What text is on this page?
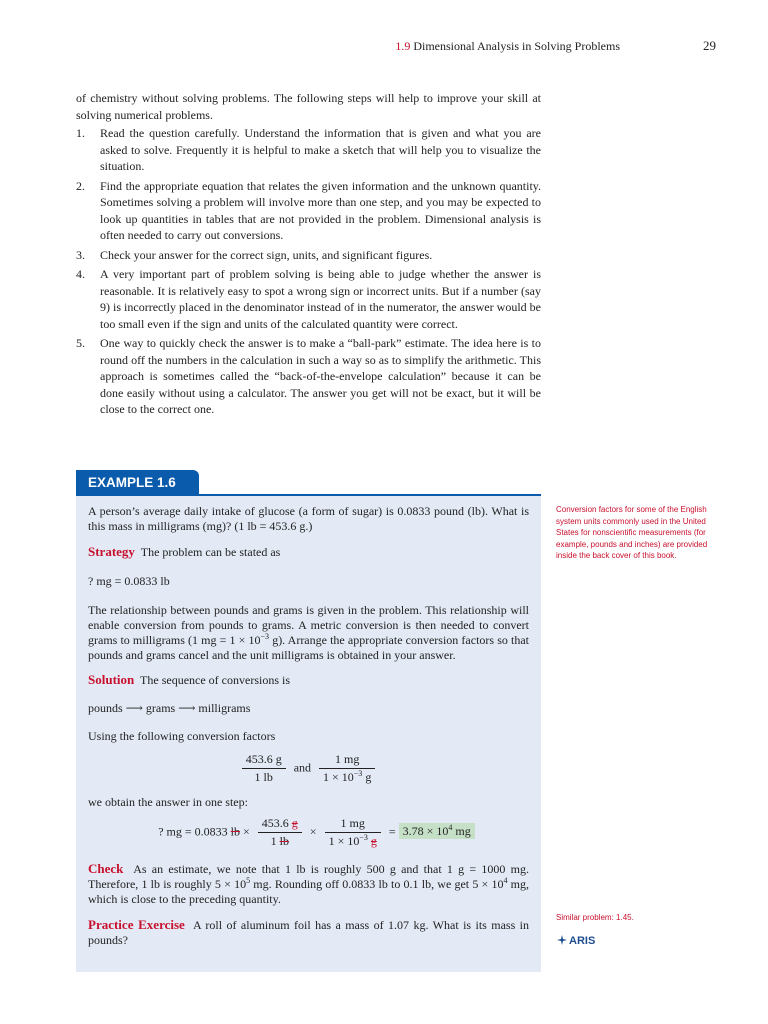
1.9 Dimensional Analysis in Solving Problems	29

of chemistry without solving problems. The following steps will help to improve your skill at solving numerical problems.

1. Read the question carefully. Understand the information that is given and what you are asked to solve. Frequently it is helpful to make a sketch that will help you to visualize the situation.
2. Find the appropriate equation that relates the given information and the unknown quantity. Sometimes solving a problem will involve more than one step, and you may be expected to look up quantities in tables that are not provided in the problem. Dimensional analysis is often needed to carry out conversions.
3. Check your answer for the correct sign, units, and significant figures.
4. A very important part of problem solving is being able to judge whether the answer is reasonable. It is relatively easy to spot a wrong sign or incorrect units. But if a number (say 9) is incorrectly placed in the denominator instead of in the numerator, the answer would be too small even if the sign and units of the calculated quantity were correct.
5. One way to quickly check the answer is to make a “ball-park” estimate. The idea here is to round off the numbers in the calculation in such a way so as to simplify the arithmetic. This approach is sometimes called the “back-of-the-envelope calculation” because it can be done easily without using a calculator. The answer you get will not be exact, but it will be close to the correct one.
EXAMPLE 1.6

A person’s average daily intake of glucose (a form of sugar) is 0.0833 pound (lb). What is this mass in milligrams (mg)? (1 lb = 453.6 g.)

Strategy The problem can be stated as

? mg = 0.0833 lb

The relationship between pounds and grams is given in the problem. This relationship will enable conversion from pounds to grams. A metric conversion is then needed to convert grams to milligrams (1 mg = $1 \times 10^{-3}$ g). Arrange the appropriate conversion factors so that pounds and grams cancel and the unit milligrams is obtained in your answer.

Solution The sequence of conversions is

pounds ⟶ grams ⟶ milligrams

Using the following conversion factors

$\frac{453.6 g}{1 lb}$ and $\frac{1 mg}{1 \times 10^{-3} g}$

we obtain the answer in one step:

? mg = 0.0833 lb × $\frac{453.6 g}{1 lb} \times \frac{1 mg}{1 \times 10^{-3} g} = 3.78 \times 10^4$ mg

Check As an estimate, we note that 1 lb is roughly 500 g and that 1 g = 1000 mg. Therefore, 1 lb is roughly $5 \times 10^5$ mg. Rounding off 0.0833 lb to 0.1 lb, we get $5 \times 10^4$ mg, which is close to the preceding quantity.

Practice Exercise A roll of aluminum foil has a mass of 1.07 kg. What is its mass in pounds?

Conversion factors for some of the English system units commonly used in the United States for nonscientific measurements (for example, pounds and inches) are provided inside the back cover of this book.
Similar problem: 1.45.
ARIS
